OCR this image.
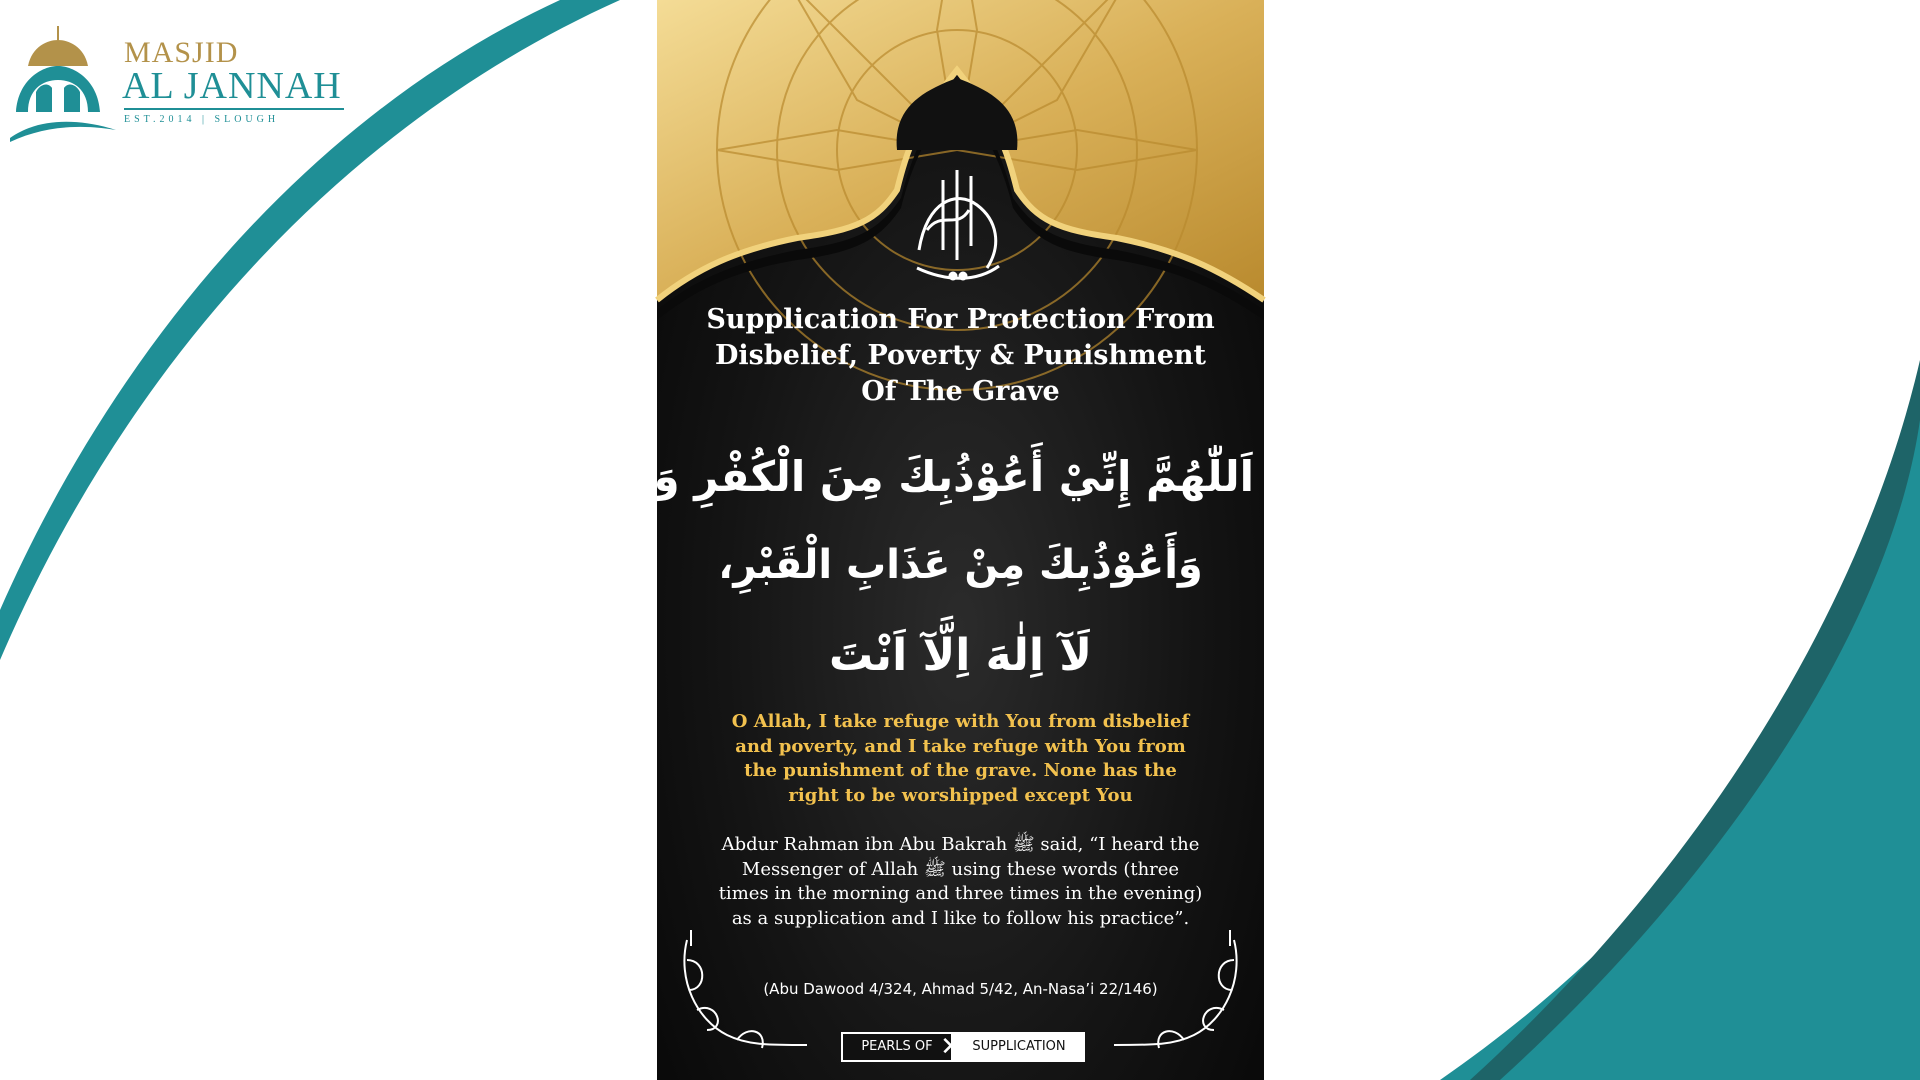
MASJID
AL JANNAH
EST.2014 | SLOUGH
Supplication For Protection From Disbelief, Poverty & Punishment Of The Grave
اَللّٰهُمَّ إِنِّيْ أَعُوْذُبِكَ مِنَ الْكُفْرِ وَالْفَقْرِ،
وَأَعُوْذُبِكَ مِنْ عَذَابِ الْقَبْرِ،
لَآ اِلٰهَ اِلَّآ اَنْتَ
O Allah, I take refuge with You from disbelief and poverty, and I take refuge with You from the punishment of the grave. None has the right to be worshipped except You
Abdur Rahman ibn Abu Bakrah ﷺ said, “I heard the Messenger of Allah ﷺ using these words (three times in the morning and three times in the evening) as a supplication and I like to follow his practice”.
(Abu Dawood 4/324, Ahmad 5/42, An-Nasa’i 22/146)
PEARLS OF	SUPPLICATION
✕
